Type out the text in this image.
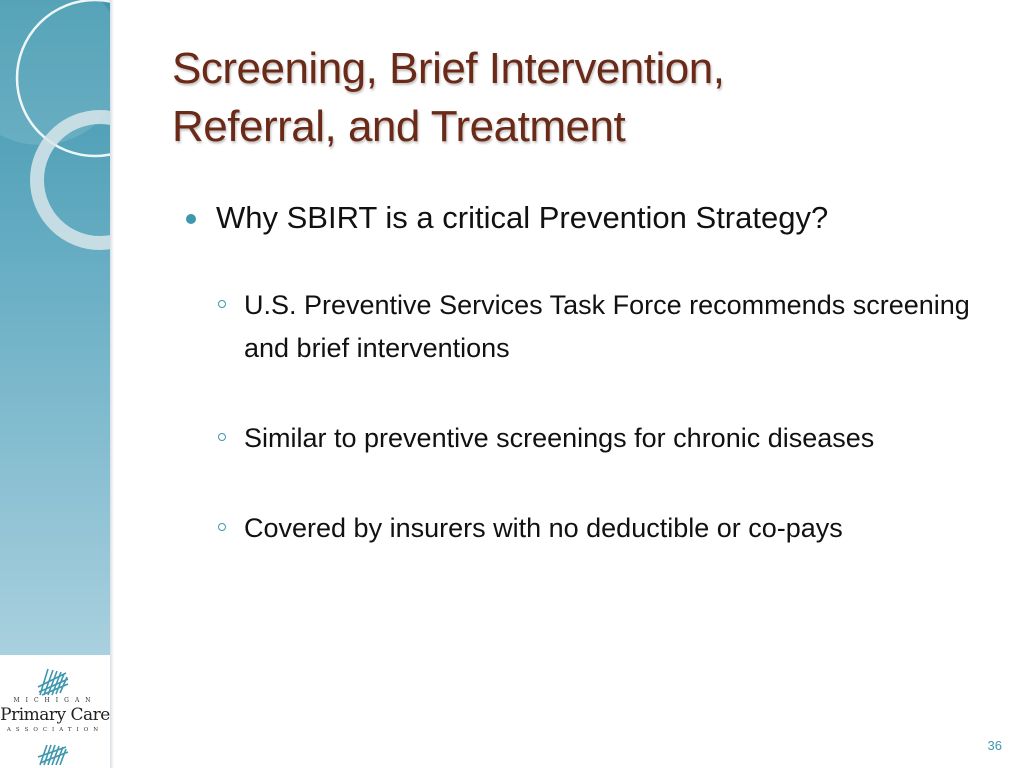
MICHIGAN
Primary Care
ASSOCIATION
Screening, Brief Intervention,
Referral, and Treatment
Why SBIRT is a critical Prevention Strategy?
U.S. Preventive Services Task Force recommends screening and brief interventions
Similar to preventive screenings for chronic diseases
Covered by insurers with no deductible or co-pays
36
